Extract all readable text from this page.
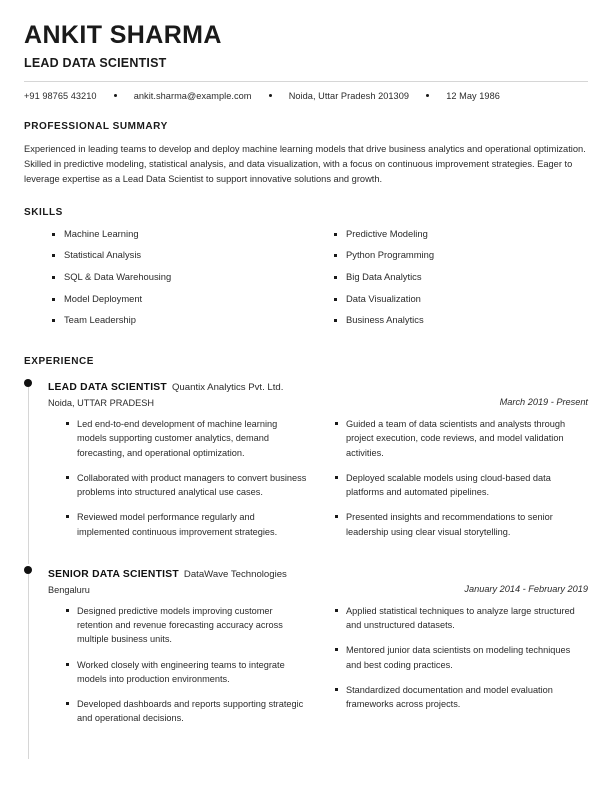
ANKIT SHARMA
LEAD DATA SCIENTIST
+91 98765 43210	ankit.sharma@example.com	Noida, Uttar Pradesh 201309	12 May 1986
PROFESSIONAL SUMMARY

Experienced in leading teams to develop and deploy machine learning models that drive business analytics and operational optimization. Skilled in predictive modeling, statistical analysis, and data visualization, with a focus on continuous improvement strategies. Eager to leverage expertise as a Lead Data Scientist to support innovative solutions and growth.

SKILLS
Machine Learning
Statistical Analysis
SQL & Data Warehousing
Model Deployment
Team Leadership
Predictive Modeling
Python Programming
Big Data Analytics
Data Visualization
Business Analytics
EXPERIENCE
LEAD DATA SCIENTIST Quantix Analytics Pvt. Ltd.
Noida, UTTAR PRADESH	March 2019 - Present
Led end-to-end development of machine learning models supporting customer analytics, demand forecasting, and operational optimization.
Collaborated with product managers to convert business problems into structured analytical use cases.
Reviewed model performance regularly and implemented continuous improvement strategies.
Guided a team of data scientists and analysts through project execution, code reviews, and model validation activities.
Deployed scalable models using cloud-based data platforms and automated pipelines.
Presented insights and recommendations to senior leadership using clear visual storytelling.
SENIOR DATA SCIENTIST DataWave Technologies
Bengaluru	January 2014 - February 2019
Designed predictive models improving customer retention and revenue forecasting accuracy across multiple business units.
Worked closely with engineering teams to integrate models into production environments.
Developed dashboards and reports supporting strategic and operational decisions.
Applied statistical techniques to analyze large structured and unstructured datasets.
Mentored junior data scientists on modeling techniques and best coding practices.
Standardized documentation and model evaluation frameworks across projects.
